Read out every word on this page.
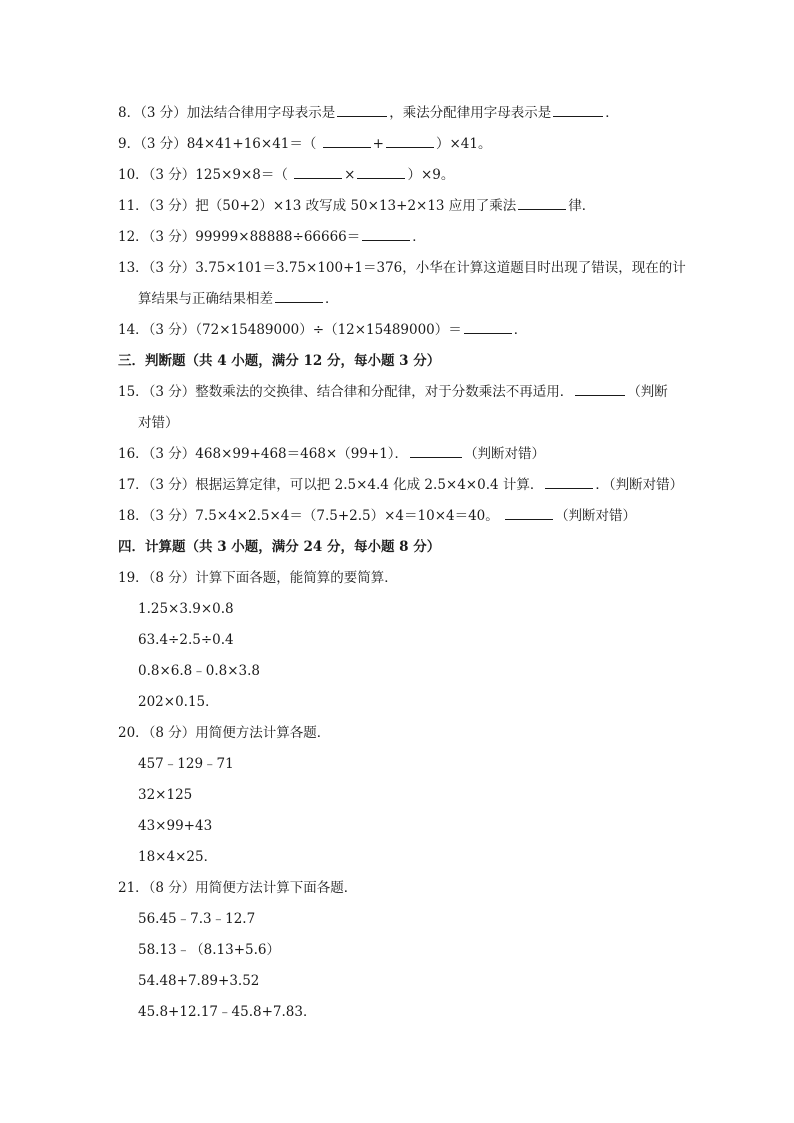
8．（3 分）加法结合律用字母表示是	，乘法分配律用字母表示是	．
9．（3 分）84×41+16×41＝（	+	）×41。
10．（3 分）125×9×8＝（	×	）×9。
11．（3 分）把（50+2）×13 改写成 50×13+2×13 应用了乘法	律．
12．（3 分）99999×88888÷66666＝	．
13．（3 分）3.75×101＝3.75×100+1＝376，小华在计算这道题目时出现了错误，现在的计
算结果与正确结果相差	．
14．（3 分）（72×15489000）÷（12×15489000）＝	．
三．判断题（共 4 小题，满分 12 分，每小题 3 分）
15．（3 分）整数乘法的交换律、结合律和分配律，对于分数乘法不再适用．	（判断
对错）
16．（3 分）468×99+468＝468×（99+1）．	（判断对错）
17．（3 分）根据运算定律，可以把 2.5×4.4 化成 2.5×4×0.4 计算．	．（判断对错）
18．（3 分）7.5×4×2.5×4＝（7.5+2.5）×4＝10×4＝40。	（判断对错）
四．计算题（共 3 小题，满分 24 分，每小题 8 分）
19．（8 分）计算下面各题，能简算的要简算．
1.25×3.9×0.8
63.4÷2.5÷0.4
0.8×6.8﹣0.8×3.8
202×0.15．
20．（8 分）用简便方法计算各题．
457﹣129﹣71
32×125
43×99+43
18×4×25．
21．（8 分）用简便方法计算下面各题．
56.45﹣7.3﹣12.7
58.13﹣（8.13+5.6）
54.48+7.89+3.52
45.8+12.17﹣45.8+7.83．
